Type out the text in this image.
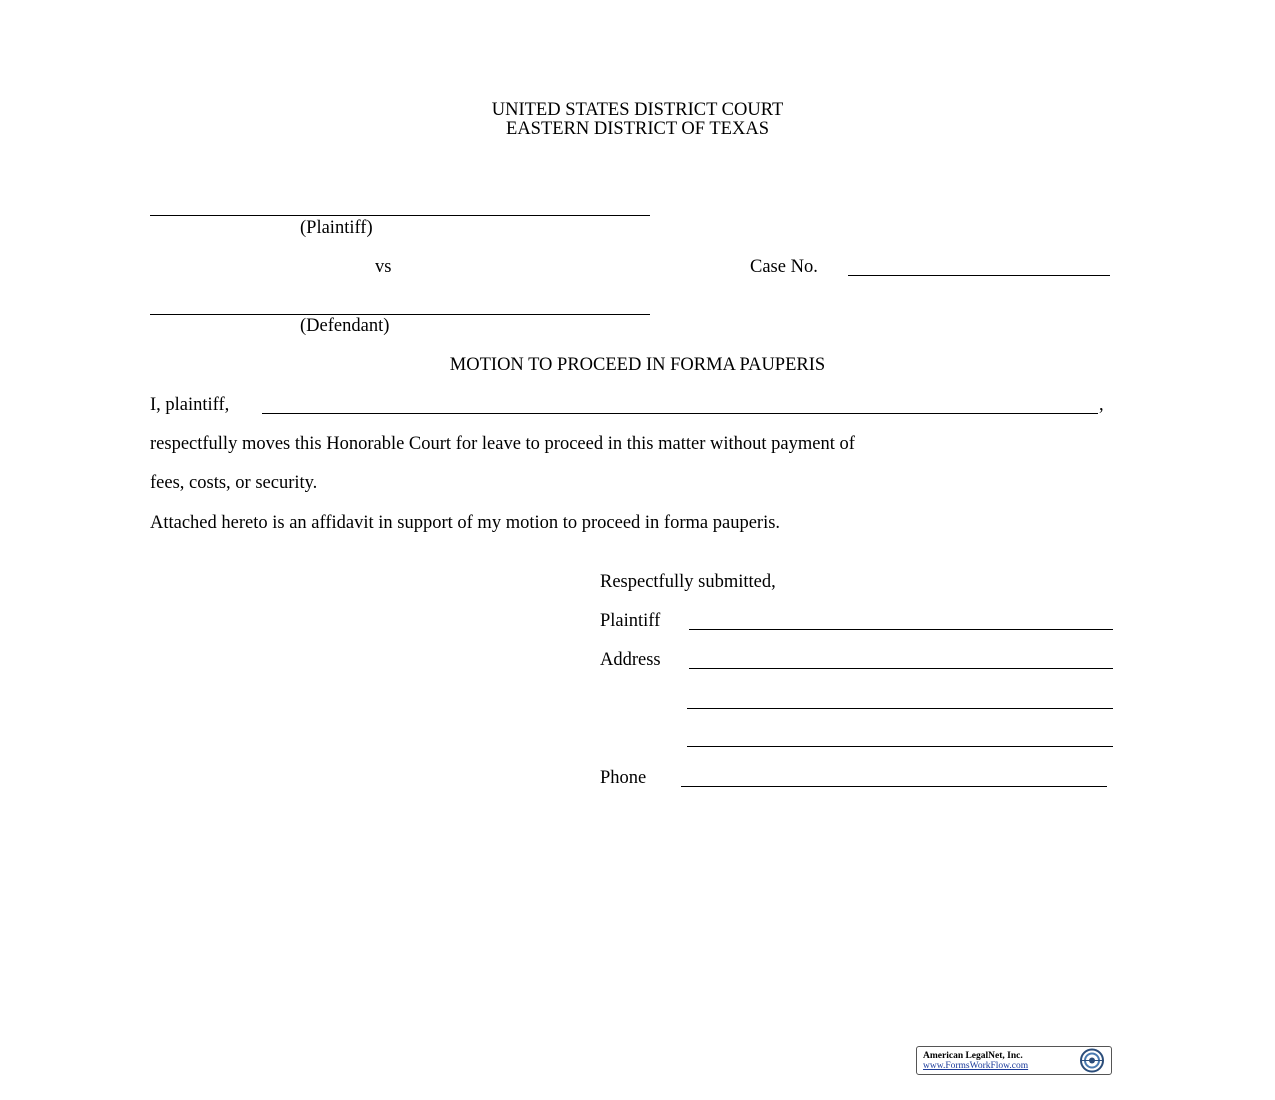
UNITED STATES DISTRICT COURT
EASTERN DISTRICT OF TEXAS
(Plaintiff)
vs	Case No.
(Defendant)
MOTION TO PROCEED IN FORMA PAUPERIS
I, plaintiff,	,
respectfully moves this Honorable Court for leave to proceed in this matter without payment of
fees, costs, or security.
Attached hereto is an affidavit in support of my motion to proceed in forma pauperis.
Respectfully submitted,
Plaintiff
Address
Phone
American LegalNet, Inc.
www.FormsWorkFlow.com
